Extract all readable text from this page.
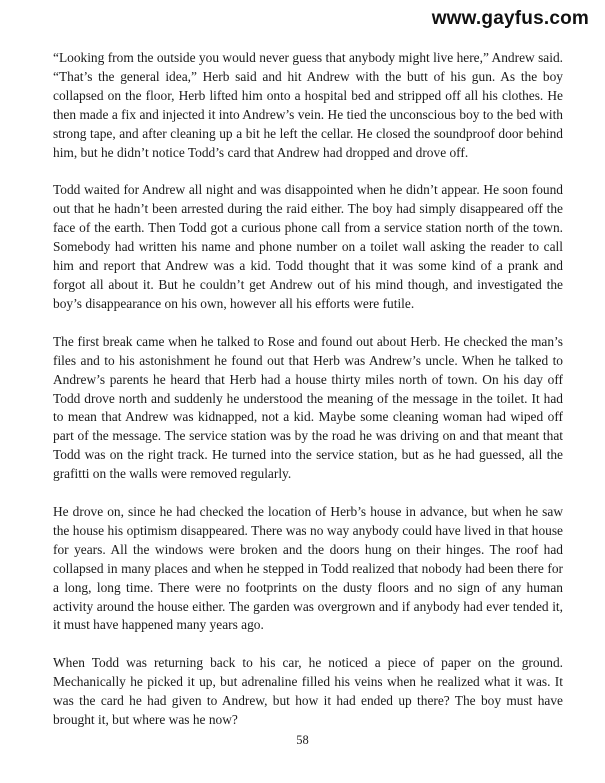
www.gayfus.com

“Looking from the outside you would never guess that anybody might live here,” Andrew said. “That’s the general idea,” Herb said and hit Andrew with the butt of his gun. As the boy collapsed on the floor, Herb lifted him onto a hospital bed and stripped off all his clothes. He then made a fix and injected it into Andrew’s vein. He tied the unconscious boy to the bed with strong tape, and after cleaning up a bit he left the cellar. He closed the soundproof door behind him, but he didn’t notice Todd’s card that Andrew had dropped and drove off.

Todd waited for Andrew all night and was disappointed when he didn’t appear. He soon found out that he hadn’t been arrested during the raid either. The boy had simply disappeared off the face of the earth. Then Todd got a curious phone call from a service station north of the town. Somebody had written his name and phone number on a toilet wall asking the reader to call him and report that Andrew was a kid. Todd thought that it was some kind of a prank and forgot all about it. But he couldn’t get Andrew out of his mind though, and investigated the boy’s disappearance on his own, however all his efforts were futile.

The first break came when he talked to Rose and found out about Herb. He checked the man’s files and to his astonishment he found out that Herb was Andrew’s uncle. When he talked to Andrew’s parents he heard that Herb had a house thirty miles north of town. On his day off Todd drove north and suddenly he understood the meaning of the message in the toilet. It had to mean that Andrew was kidnapped, not a kid. Maybe some cleaning woman had wiped off part of the message. The service station was by the road he was driving on and that meant that Todd was on the right track. He turned into the service station, but as he had guessed, all the grafitti on the walls were removed regularly.

He drove on, since he had checked the location of Herb’s house in advance, but when he saw the house his optimism disappeared. There was no way anybody could have lived in that house for years. All the windows were broken and the doors hung on their hinges. The roof had collapsed in many places and when he stepped in Todd realized that nobody had been there for a long, long time. There were no footprints on the dusty floors and no sign of any human activity around the house either. The garden was overgrown and if anybody had ever tended it, it must have happened many years ago.

When Todd was returning back to his car, he noticed a piece of paper on the ground. Mechanically he picked it up, but adrenaline filled his veins when he realized what it was. It was the card he had given to Andrew, but how it had ended up there? The boy must have brought it, but where was he now?

58
